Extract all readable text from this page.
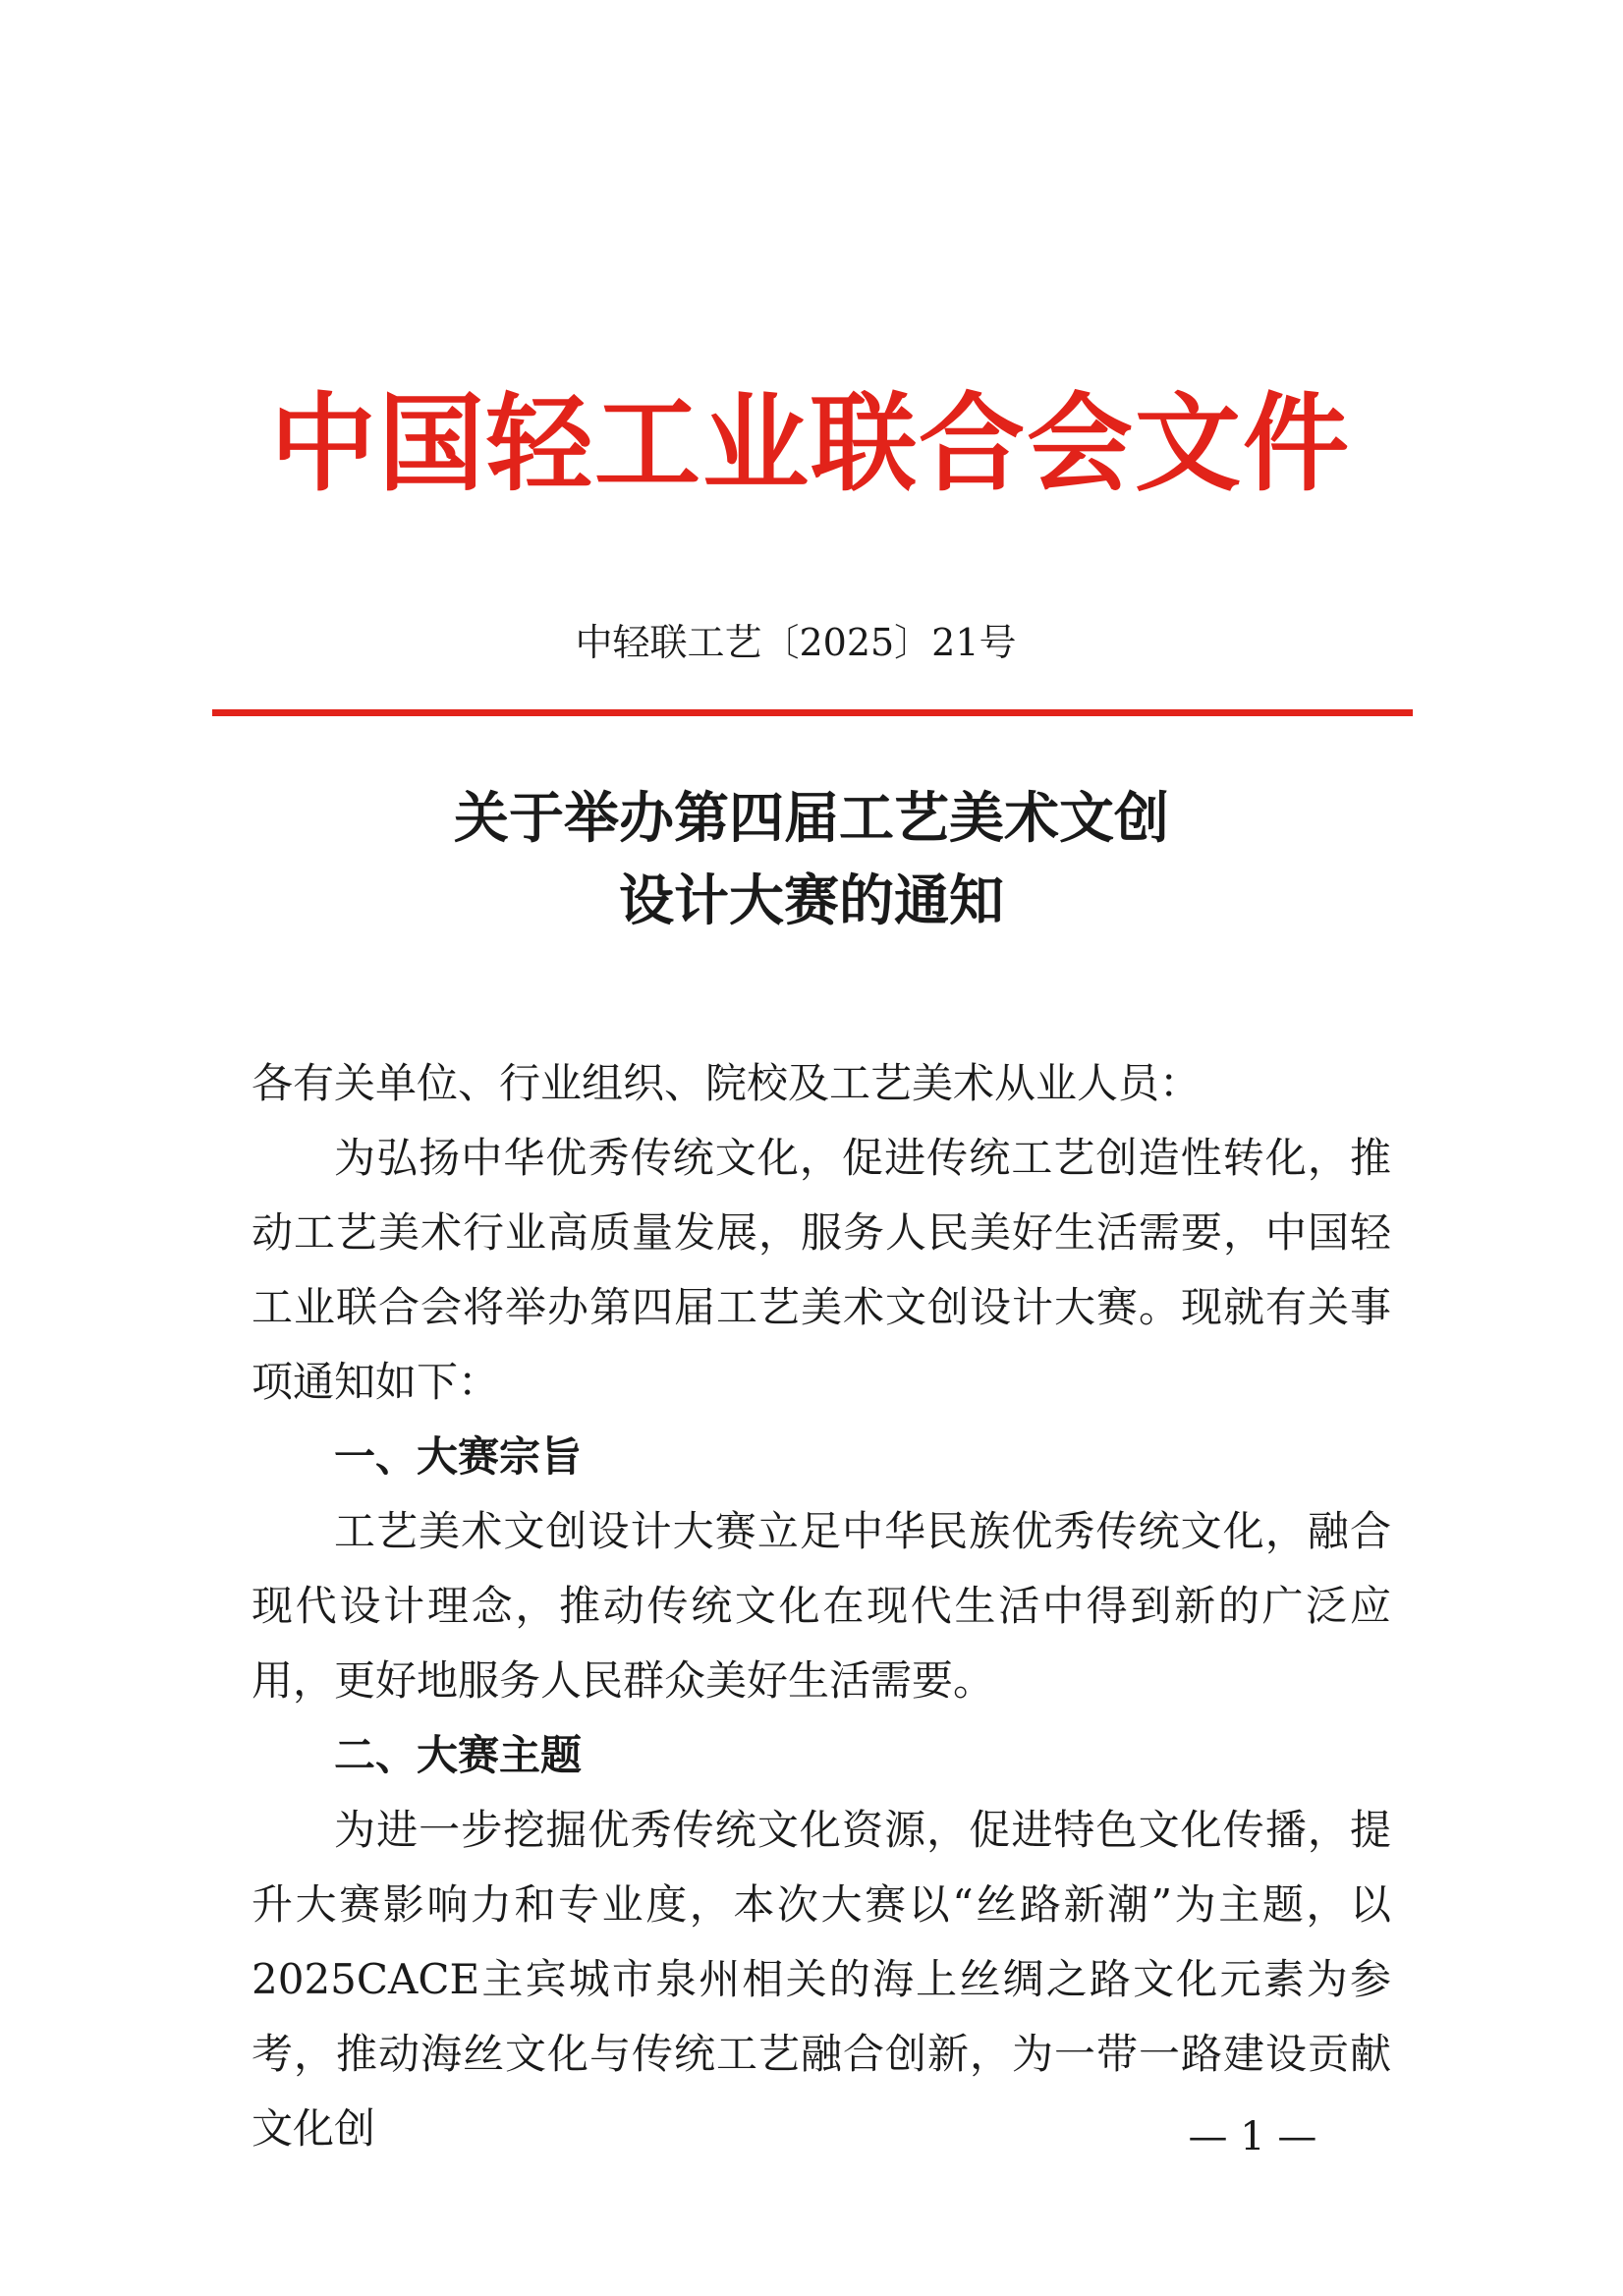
中国轻工业联合会文件
中轻联工艺〔2025〕21号
关于举办第四届工艺美术文创
设计大赛的通知

各有关单位、行业组织、院校及工艺美术从业人员：

为弘扬中华优秀传统文化，促进传统工艺创造性转化，推动工艺美术行业高质量发展，服务人民美好生活需要，中国轻工业联合会将举办第四届工艺美术文创设计大赛。现就有关事项通知如下：

一、大赛宗旨

工艺美术文创设计大赛立足中华民族优秀传统文化，融合现代设计理念，推动传统文化在现代生活中得到新的广泛应用，更好地服务人民群众美好生活需要。

二、大赛主题

为进一步挖掘优秀传统文化资源，促进特色文化传播，提升大赛影响力和专业度，本次大赛以“丝路新潮”为主题，以2025CACE主宾城市泉州相关的海上丝绸之路文化元素为参考，推动海丝文化与传统工艺融合创新，为一带一路建设贡献文化创	— 1 —
